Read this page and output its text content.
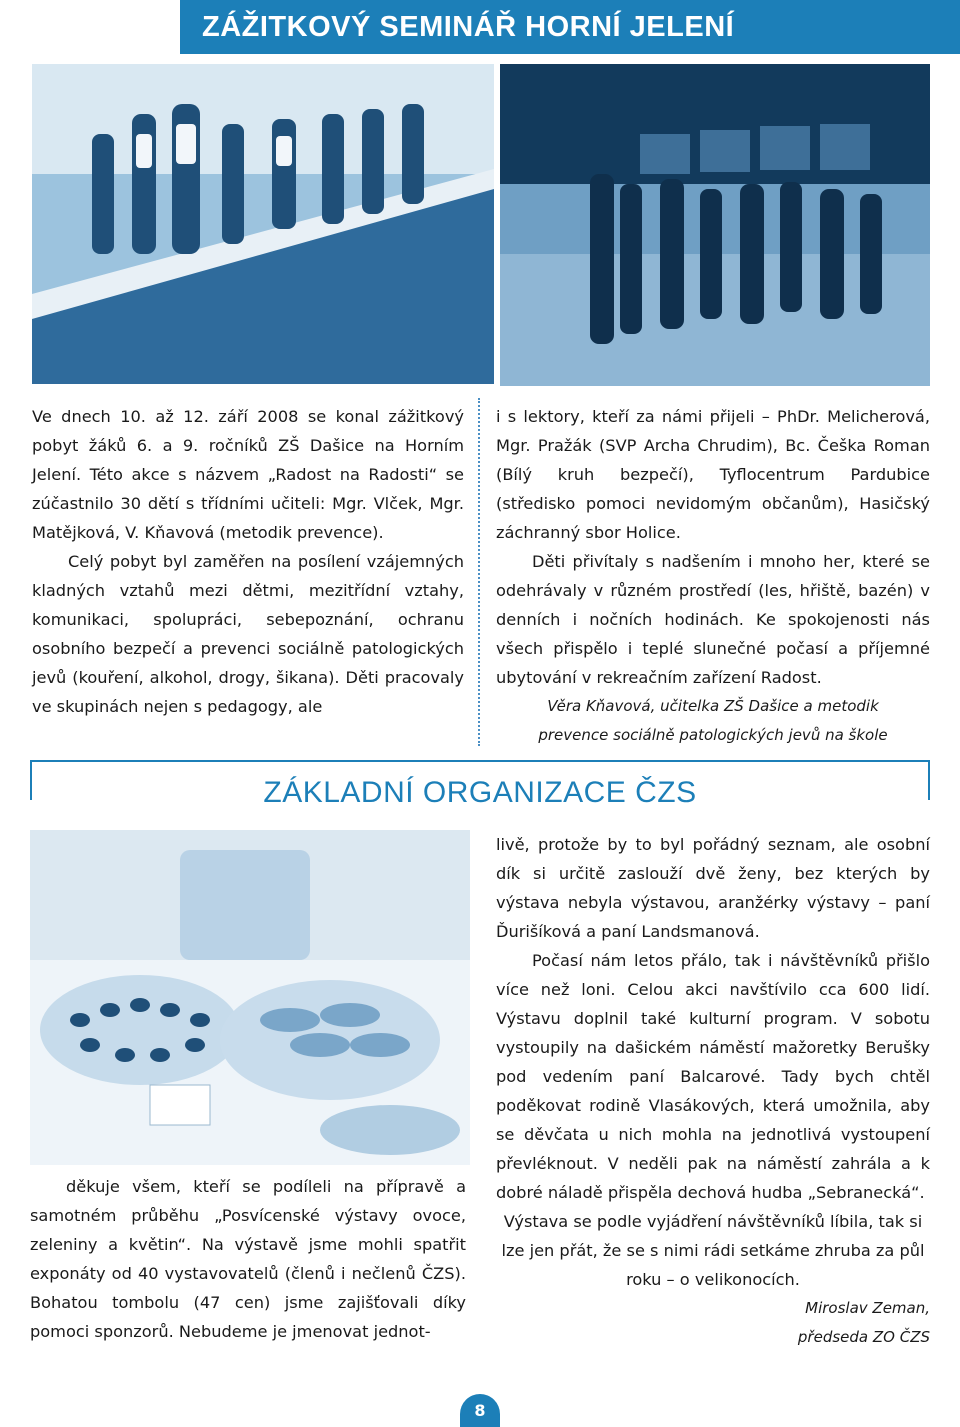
ZÁŽITKOVÝ SEMINÁŘ HORNÍ JELENÍ

Ve dnech 10. až 12. září 2008 se konal zážitkový pobyt žáků 6. a 9. ročníků ZŠ Dašice na Horním Jelení. Této akce s názvem „Radost na Radosti“ se zúčastnilo 30 dětí s třídními učiteli: Mgr. Vlček, Mgr. Matějková, V. Kňavová (metodik prevence).

Celý pobyt byl zaměřen na posílení vzájemných kladných vztahů mezi dětmi, mezitřídní vztahy, komunikaci, spolupráci, sebepoznání, ochranu osobního bezpečí a prevenci sociálně patologických jevů (kouření, alkohol, drogy, šikana). Děti pracovaly ve skupinách nejen s pedagogy, ale

i s lektory, kteří za námi přijeli – PhDr. Melicherová, Mgr. Pražák (SVP Archa Chrudim), Bc. Češka Roman (Bílý kruh bezpečí), Tyflocentrum Pardubice (středisko pomoci nevidomým občanům), Hasičský záchranný sbor Holice.

Děti přivítaly s nadšením i mnoho her, které se odehrávaly v různém prostředí (les, hřiště, bazén) v denních i nočních hodinách. Ke spokojenosti nás všech přispělo i teplé slunečné počasí a příjemné ubytování v rekreačním zařízení Radost.

Věra Kňavová, učitelka ZŠ Dašice a metodik
prevence sociálně patologických jevů na škole
ZÁKLADNÍ ORGANIZACE ČZS

děkuje všem, kteří se podíleli na přípravě a samotném průběhu „Posvícenské výstavy ovoce, zeleniny a květin“. Na výstavě jsme mohli spatřit exponáty od 40 vystavovatelů (členů i nečlenů ČZS). Bohatou tombolu (47 cen) jsme zajišťovali díky pomoci sponzorů. Nebudeme je jmenovat jednot-

livě, protože by to byl pořádný seznam, ale osobní dík si určitě zaslouží dvě ženy, bez kterých by výstava nebyla výstavou, aranžérky výstavy – paní Ďurišíková a paní Landsmanová.

Počasí nám letos přálo, tak i návštěvníků přišlo více než loni. Celou akci navštívilo cca 600 lidí. Výstavu doplnil také kulturní program. V sobotu vystoupily na dašickém náměstí mažoretky Berušky pod vedením paní Balcarové. Tady bych chtěl poděkovat rodině Vlasákových, která umožnila, aby se děvčata u nich mohla na jednotlivá vystoupení převléknout. V neděli pak na náměstí zahrála a k dobré náladě přispěla dechová hudba „Sebranecká“.

Výstava se podle vyjádření návštěvníků líbila, tak si lze jen přát, že se s nimi rádi setkáme zhruba za půl roku – o velikonocích.

Miroslav Zeman,
předseda ZO ČZS
8
